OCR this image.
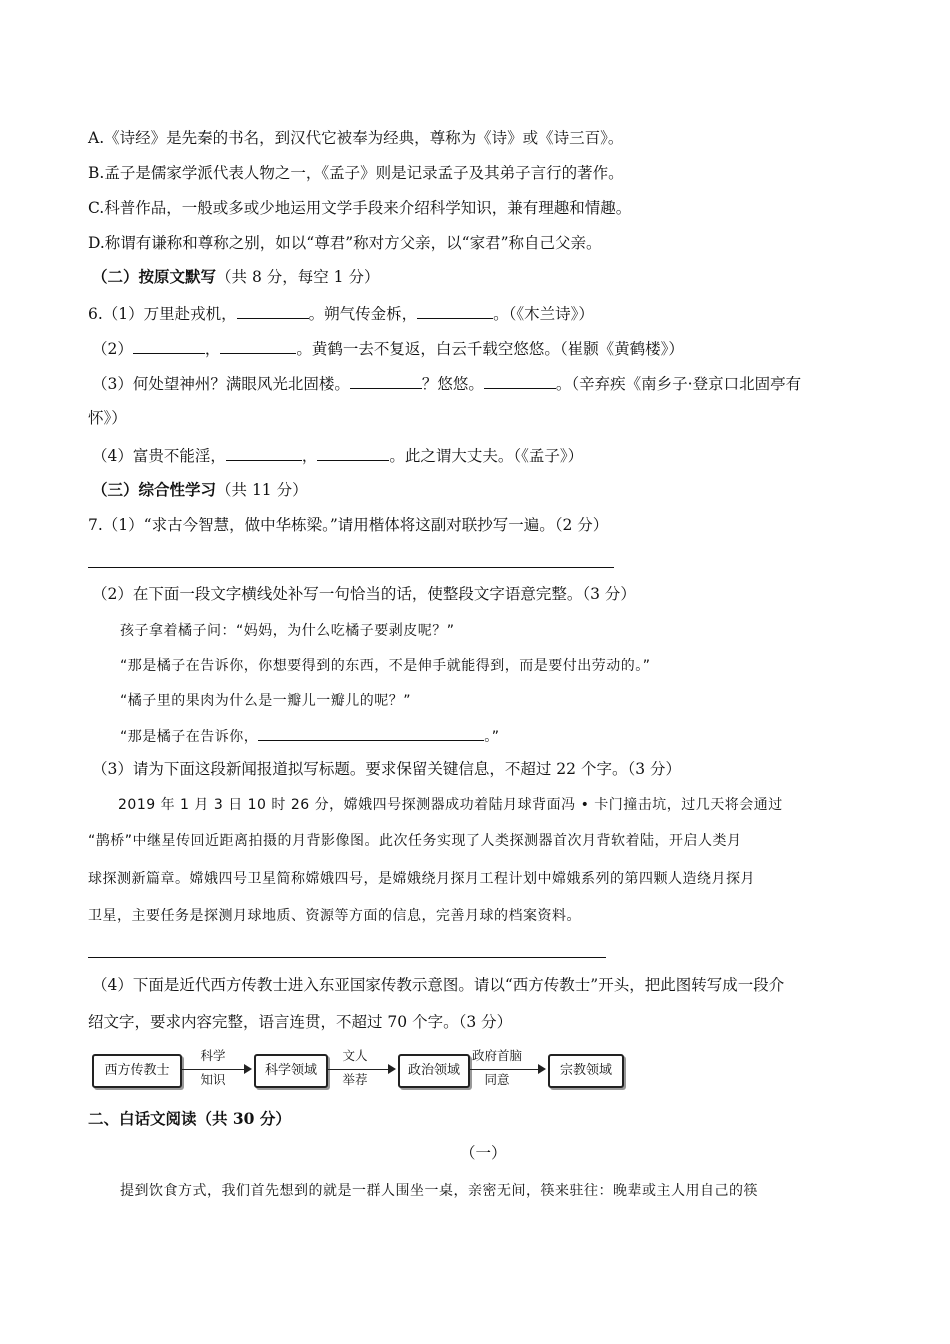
A.《诗经》是先秦的书名，到汉代它被奉为经典，尊称为《诗》或《诗三百》。
B.孟子是儒家学派代表人物之一，《孟子》则是记录孟子及其弟子言行的著作。
C.科普作品，一般或多或少地运用文学手段来介绍科学知识，兼有理趣和情趣。
D.称谓有谦称和尊称之别，如以“尊君”称对方父亲，以“家君”称自己父亲。
（二）按原文默写（共 8 分，每空 1 分）
6.（1）万里赴戎机，	。朔气传金柝，	。（《木兰诗》）
（2）	，	。黄鹤一去不复返，白云千载空悠悠。（崔颢《黄鹤楼》）
（3）何处望神州？满眼风光北固楼。	？悠悠。	。（辛弃疾《南乡子·登京口北固亭有
怀》）
（4）富贵不能淫，	，	。此之谓大丈夫。（《孟子》）
（三）综合性学习（共 11 分）
7.（1）“求古今智慧，做中华栋梁。”请用楷体将这副对联抄写一遍。（2 分）
（2）在下面一段文字横线处补写一句恰当的话，使整段文字语意完整。（3 分）
孩子拿着橘子问：“妈妈，为什么吃橘子要剥皮呢？”
“那是橘子在告诉你，你想要得到的东西，不是伸手就能得到，而是要付出劳动的。”
“橘子里的果肉为什么是一瓣儿一瓣儿的呢？”
“那是橘子在告诉你，	。”
（3）请为下面这段新闻报道拟写标题。要求保留关键信息，不超过 22 个字。（3 分）
2019 年 1 月 3 日 10 时 26 分，嫦娥四号探测器成功着陆月球背面冯 • 卡门撞击坑，过几天将会通过
“鹊桥”中继星传回近距离拍摄的月背影像图。此次任务实现了人类探测器首次月背软着陆，开启人类月
球探测新篇章。嫦娥四号卫星简称嫦娥四号，是嫦娥绕月探月工程计划中嫦娥系列的第四颗人造绕月探月
卫星，主要任务是探测月球地质、资源等方面的信息，完善月球的档案资料。
（4）下面是近代西方传教士进入东亚国家传教示意图。请以“西方传教士”开头，把此图转写成一段介
绍文字，要求内容完整，语言连贯，不超过 70 个字。（3 分）
西方传教士
科学
知识
科学领域
文人
举荐
政治领域
政府首脑
同意
宗教领域
二、白话文阅读（共 30 分）
（一）
提到饮食方式，我们首先想到的就是一群人围坐一桌，亲密无间，筷来驻往：晚辈或主人用自己的筷
